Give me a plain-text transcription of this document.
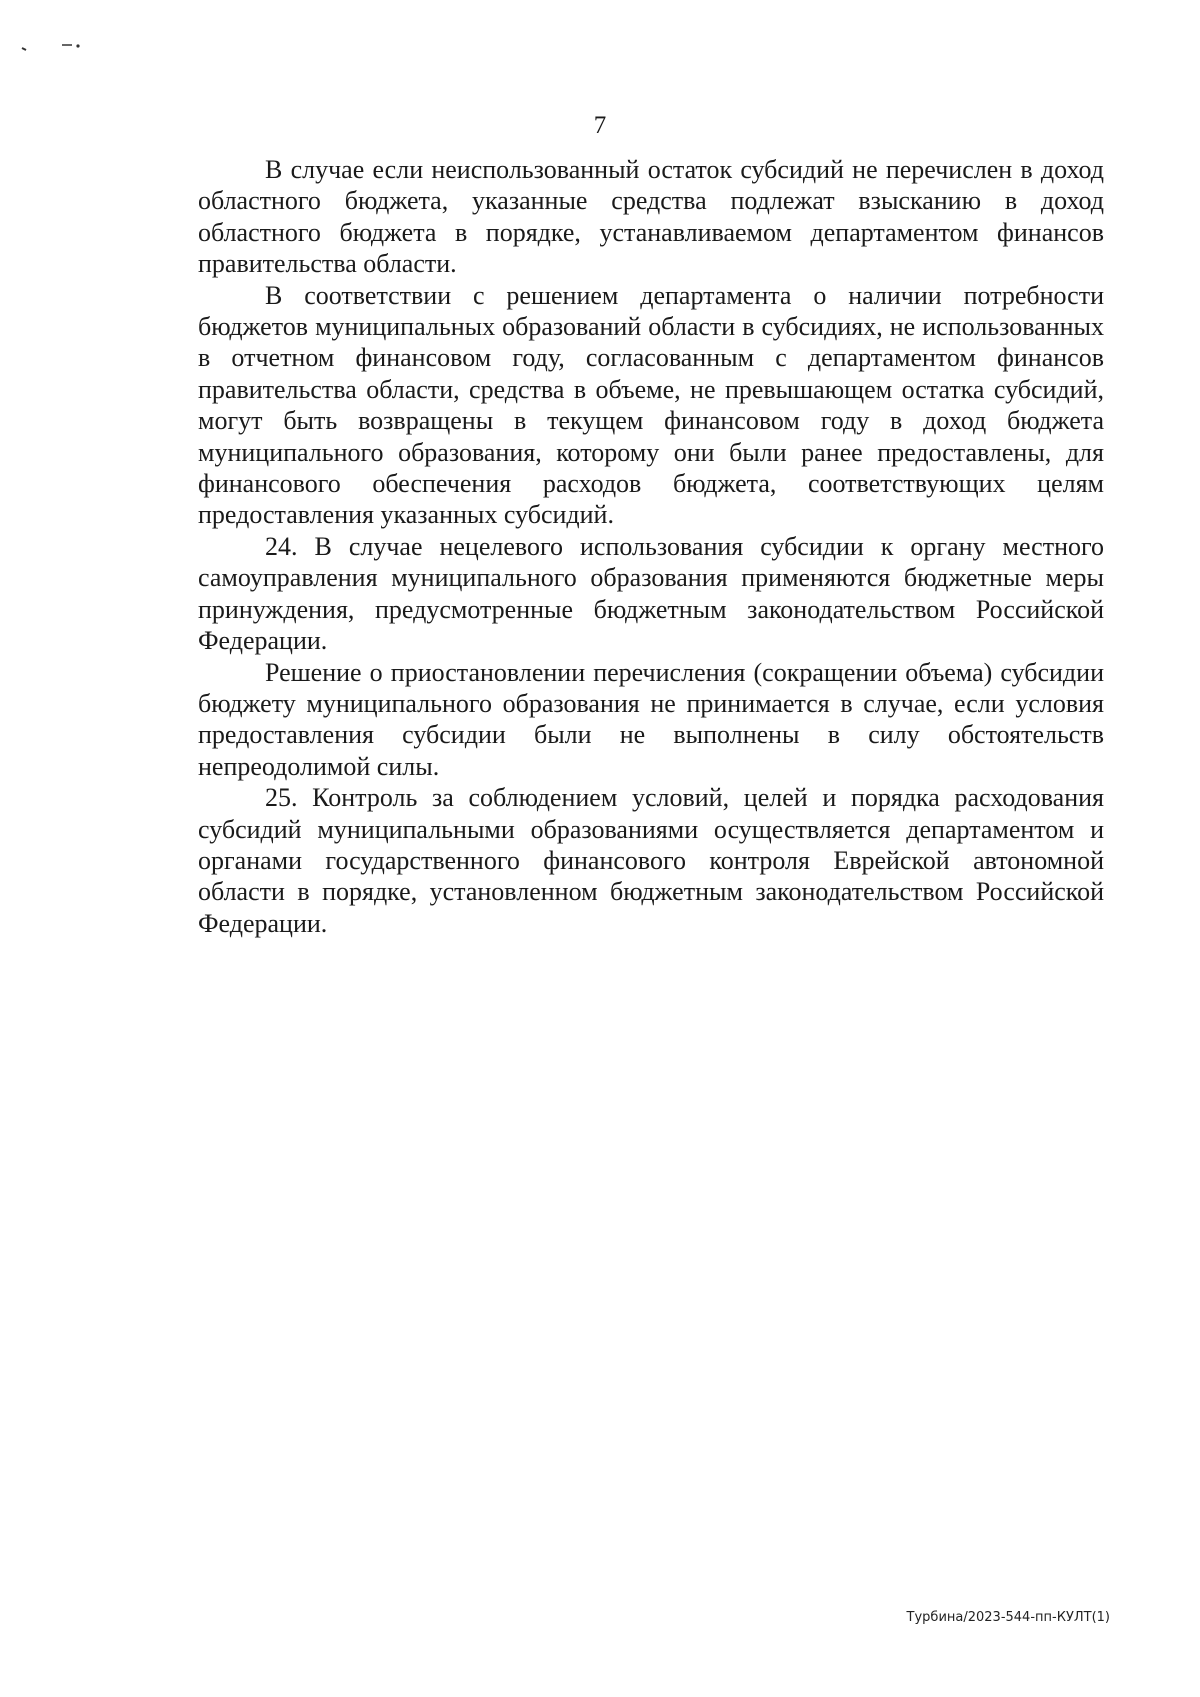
7

В случае если неиспользованный остаток субсидий не перечислен в доход областного бюджета, указанные средства подлежат взысканию в доход областного бюджета в порядке, устанавливаемом департаментом финансов правительства области.

В соответствии с решением департамента о наличии потребности бюджетов муниципальных образований области в субсидиях, не использованных в отчетном финансовом году, согласованным с департаментом финансов правительства области, средства в объеме, не превышающем остатка субсидий, могут быть возвращены в текущем финансовом году в доход бюджета муниципального образования, которому они были ранее предоставлены, для финансового обеспечения расходов бюджета, соответствующих целям предоставления указанных субсидий.

24. В случае нецелевого использования субсидии к органу местного самоуправления муниципального образования применяются бюджетные меры принуждения, предусмотренные бюджетным законодательством Российской Федерации.

Решение о приостановлении перечисления (сокращении объема) субсидии бюджету муниципального образования не принимается в случае, если условия предоставления субсидии были не выполнены в силу обстоятельств непреодолимой силы.

25. Контроль за соблюдением условий, целей и порядка расходования субсидий муниципальными образованиями осуществляется департаментом и органами государственного финансового контроля Еврейской автономной области в порядке, установленном бюджетным законодательством Российской Федерации.

Турбина/2023-544-пп-КУЛТ(1)
